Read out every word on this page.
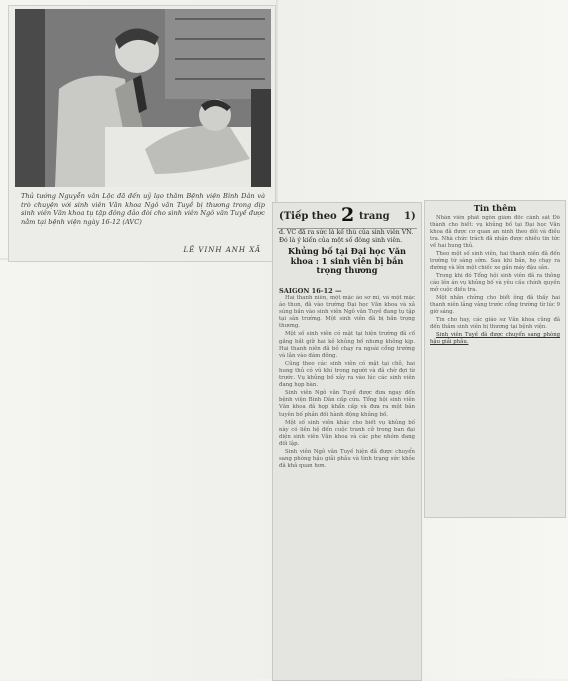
Thủ tướng Nguyễn văn Lộc đã đến uỷ lạo thăm Bệnh viện Bình Dân và trò chuyện với sinh viên Văn khoa Ngô văn Tuyề bị thương trong dịp sinh viên Văn khoa tụ tập đông đảo đòi cho sinh viên Ngô văn Tuyề được nằm tại bệnh viện ngày 16-12 (AVC)
LÊ VINH ANH XÃ
(Tiếp theo 2 trang 1)
đ. VC đã ra sức là kế thù của sinh viên VN. Đó là ý kiến của một số đông sinh viên.
Khủng bố tại Đại học Văn khoa : 1 sinh viên bị bắn trọng thương
SAIGON 16-12 —

Hai thanh niên, một mặc áo sơ mi, và một mặc áo thun, đã vào trường Đại học Văn khoa và xả súng bắn vào sinh viên Ngô văn Tuyề đang tụ tập tại sân trường. Một sinh viên đã bị bắn trọng thương.

Một số sinh viên có mặt tại hiện trường đã cố gắng bắt giữ hai kẻ khủng bố nhưng không kịp. Hai thanh niên đã bỏ chạy ra ngoài cổng trường và lẫn vào đám đông.

Cũng theo các sinh viên có mặt tại chỗ, hai hung thủ có vũ khí trong người và đã chờ đợi từ trước. Vụ khủng bố xảy ra vào lúc các sinh viên đang họp bàn.

Sinh viên Ngô văn Tuyề được đưa ngay đến bệnh viện Bình Dân cấp cứu. Tổng hội sinh viên Văn khoa đã họp khẩn cấp và đưa ra một bản tuyên bố phản đối hành động khủng bố.

Một số sinh viên khác cho biết vụ khủng bố này có liên hệ đến cuộc tranh cử trong ban đại diện sinh viên Văn khoa và các phe nhóm đang đối lập.

Sinh viên Ngô văn Tuyề hiện đã được chuyển sang phòng hậu giải phẫu và tình trạng sức khỏe đã khả quan hơn.

Tin thêm

Nhân viên phát ngôn giám đốc cảnh sát Đô thành cho biết: vụ khủng bố tại Đại học Văn khoa đã được cơ quan an ninh theo dõi và điều tra. Nhà chức trách đã nhận được nhiều tin tức về hai hung thủ.

Theo một số sinh viên, hai thanh niên đã đến trường từ sáng sớm. Sau khi bắn, họ chạy ra đường và lên một chiếc xe gắn máy đậu sẵn.

Trong khi đó Tổng hội sinh viên đã ra thông cáo lên án vụ khủng bố và yêu cầu chính quyền mở cuộc điều tra.

Một nhân chứng cho biết ông đã thấy hai thanh niên lảng vảng trước cổng trường từ lúc 9 giờ sáng.

Tin cho hay, các giáo sư Văn khoa cũng đã đến thăm sinh viên bị thương tại bệnh viện.

Sinh viên Tuyề đã được chuyển sang phòng hậu giải phẫu.
